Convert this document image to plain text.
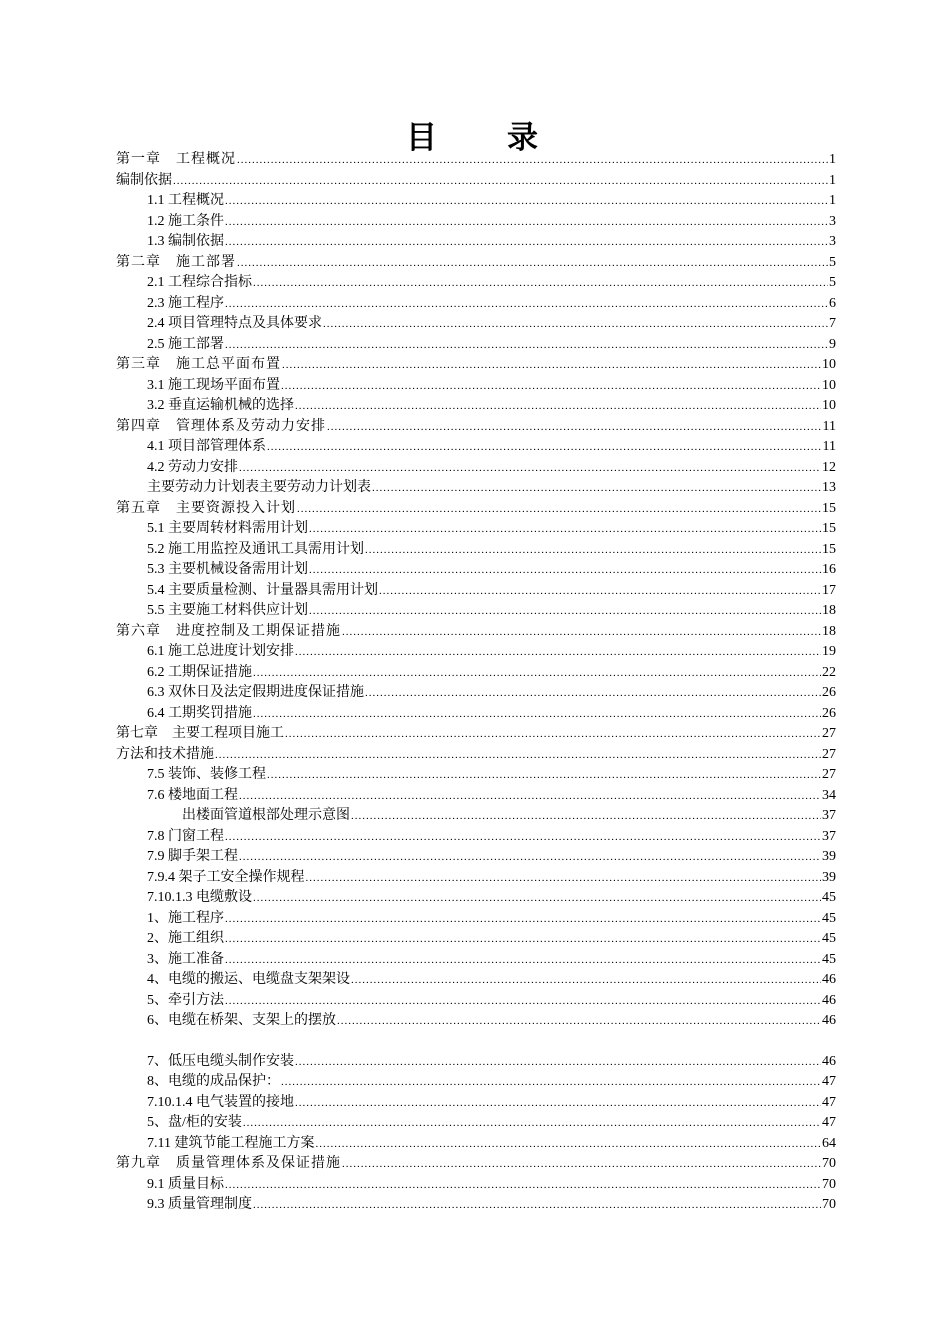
目 录
第一章　工程概况 .....	1
编制依据 .....	1
1.1 工程概况 .....	1
1.2 施工条件 .....	3
1.3 编制依据 .....	3
第二章　施工部署 .....	5
2.1 工程综合指标 .....	5
2.3 施工程序 .....	6
2.4 项目管理特点及具体要求 .....	7
2.5 施工部署 .....	9
第三章　施工总平面布置 .....	10
3.1 施工现场平面布置 .....	10
3.2 垂直运输机械的选择 .....	10
第四章　管理体系及劳动力安排 .....	11
4.1 项目部管理体系 .....	11
4.2 劳动力安排 .....	12
主要劳动力计划表主要劳动力计划表 .....	13
第五章　主要资源投入计划 .....	15
5.1 主要周转材料需用计划 .....	15
5.2 施工用监控及通讯工具需用计划 .....	15
5.3 主要机械设备需用计划 .....	16
5.4 主要质量检测、计量器具需用计划 .....	17
5.5 主要施工材料供应计划 .....	18
第六章　进度控制及工期保证措施 .....	18
6.1 施工总进度计划安排 .....	19
6.2 工期保证措施 .....	22
6.3 双休日及法定假期进度保证措施 .....	26
6.4 工期奖罚措施 .....	26
第七章　主要工程项目施工 .....	27
方法和技术措施 .....	27
7.5 装饰、装修工程 .....	27
7.6 楼地面工程 .....	34
出楼面管道根部处理示意图 .....	37
7.8 门窗工程 .....	37
7.9 脚手架工程 .....	39
7.9.4 架子工安全操作规程 .....	39
7.10.1.3 电缆敷设 .....	45
1、施工程序 .....	45
2、施工组织 .....	45
3、施工准备 .....	45
4、电缆的搬运、电缆盘支架架设 .....	46
5、牵引方法 .....	46
6、电缆在桥架、支架上的摆放 .....	46
7、低压电缆头制作安装 .....	46
8、电缆的成品保护： .....	47
7.10.1.4 电气装置的接地 .....	47
5、盘/柜的安装 .....	47
7.11 建筑节能工程施工方案 .....	64
第九章　质量管理体系及保证措施 .....	70
9.1 质量目标 .....	70
9.3 质量管理制度 .....	70
